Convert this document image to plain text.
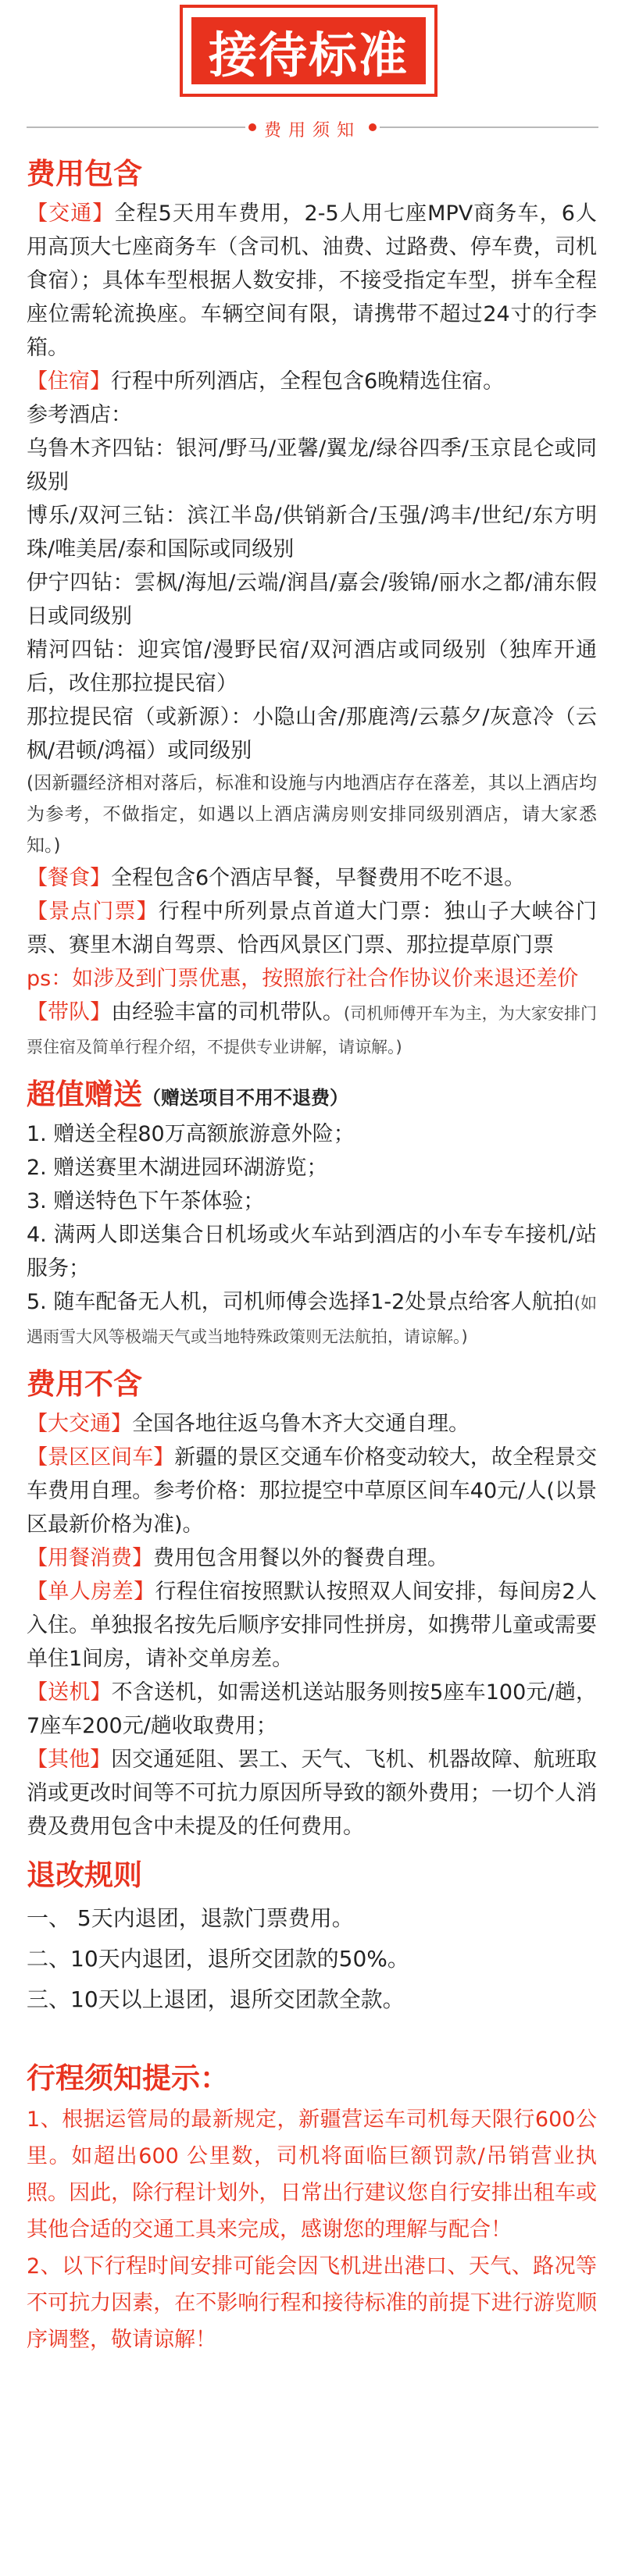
接待标准
费用须知
费用包含

【交通】全程5天用车费用，2-5人用七座MPV商务车，6人用高顶大七座商务车（含司机、油费、过路费、停车费，司机食宿）；具体车型根据人数安排，不接受指定车型，拼车全程座位需轮流换座。车辆空间有限，请携带不超过24寸的行李箱。

【住宿】行程中所列酒店，全程包含6晚精选住宿。

参考酒店：

乌鲁木齐四钻：银河/野马/亚馨/翼龙/绿谷四季/玉京昆仑或同级别

博乐/双河三钻：滨江半岛/供销新合/玉强/鸿丰/世纪/东方明珠/唯美居/泰和国际或同级别

伊宁四钻：雲枫/海旭/云端/润昌/嘉会/骏锦/丽水之都/浦东假日或同级别

精河四钻：迎宾馆/漫野民宿/双河酒店或同级别（独库开通后，改住那拉提民宿）

那拉提民宿（或新源）：小隐山舍/那鹿湾/云慕夕/灰意冷（云枫/君顿/鸿福）或同级别

(因新疆经济相对落后，标准和设施与内地酒店存在落差，其以上酒店均为参考，不做指定，如遇以上酒店满房则安排同级别酒店，请大家悉知。)

【餐食】全程包含6个酒店早餐，早餐费用不吃不退。

【景点门票】行程中所列景点首道大门票：独山子大峡谷门票、赛里木湖自驾票、恰西风景区门票、那拉提草原门票

ps：如涉及到门票优惠，按照旅行社合作协议价来退还差价

【带队】由经验丰富的司机带队。(司机师傅开车为主，为大家安排门票住宿及简单行程介绍，不提供专业讲解，请谅解。)

超值赠送（赠送项目不用不退费）

1. 赠送全程80万高额旅游意外险；

2. 赠送赛里木湖进园环湖游览；

3. 赠送特色下午茶体验；

4. 满两人即送集合日机场或火车站到酒店的小车专车接机/站服务；

5. 随车配备无人机，司机师傅会选择1-2处景点给客人航拍(如遇雨雪大风等极端天气或当地特殊政策则无法航拍，请谅解。)

费用不含

【大交通】全国各地往返乌鲁木齐大交通自理。

【景区区间车】新疆的景区交通车价格变动较大，故全程景交车费用自理。参考价格：那拉提空中草原区间车40元/人(以景区最新价格为准)。

【用餐消费】费用包含用餐以外的餐费自理。

【单人房差】行程住宿按照默认按照双人间安排，每间房2人入住。单独报名按先后顺序安排同性拼房，如携带儿童或需要单住1间房，请补交单房差。

【送机】不含送机，如需送机送站服务则按5座车100元/趟，7座车200元/趟收取费用；

【其他】因交通延阻、罢工、天气、飞机、机器故障、航班取消或更改时间等不可抗力原因所导致的额外费用；一切个人消费及费用包含中未提及的任何费用。

退改规则

一、 5天内退团，退款门票费用。

二、10天内退团，退所交团款的50%。

三、10天以上退团，退所交团款全款。

行程须知提示：

1、根据运管局的最新规定，新疆营运车司机每天限行600公里。如超出600 公里数，司机将面临巨额罚款/吊销营业执照。因此，除行程计划外，日常出行建议您自行安排出租车或其他合适的交通工具来完成，感谢您的理解与配合！

2、以下行程时间安排可能会因飞机进出港口、天气、路况等不可抗力因素，在不影响行程和接待标准的前提下进行游览顺序调整，敬请谅解！
